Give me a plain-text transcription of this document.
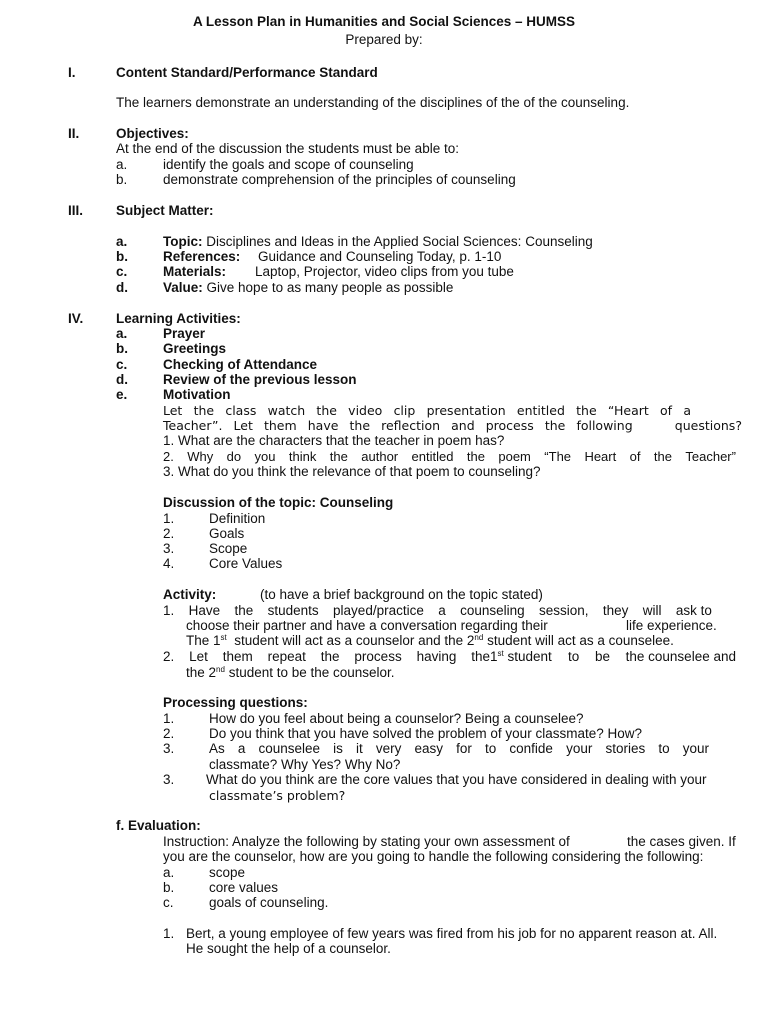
A Lesson Plan in Humanities and Social Sciences – HUMSS
Prepared by:
I.	Content Standard/Performance Standard
The learners demonstrate an understanding of the disciplines of the of the counseling.
II.	Objectives:
At the end of the discussion the students must be able to:
a.	identify the goals and scope of counseling
b.	demonstrate comprehension of the principles of counseling
III. Subject Matter:
a.	Topic: Disciplines and Ideas in the Applied Social Sciences: Counseling
b.	References: Guidance and Counseling Today, p. 1-10
c.	Materials: Laptop, Projector, video clips from you tube
d.	Value: Give hope to as many people as possible
IV. Learning Activities:
a.	Prayer
b.	Greetings
c.	Checking of Attendance
d.	Review of the previous lesson
e.	Motivation
Let the class watch the video clip presentation entitled the “Heart of a
Teacher”. Let them have the reflection and process the following	questions?
1. What are the characters that the teacher in poem has?
2. Why do you think the author entitled the poem “The Heart of the Teacher”
3. What do you think the relevance of that poem to counseling?
Discussion of the topic: Counseling
1.	Definition
2.	Goals
3.	Scope
4.	Core Values
Activity:	(to have a brief background on the topic stated)
1. Have the students played/practice a counseling session, they will ask to
choose their partner and have a conversation regarding their	life experience.
The 1st  student will act as a counselor and the 2nd student will act as a counselee.
2. Let them repeat the process having the 1st student to be the counselee and
the 2nd student to be the counselor.
Processing questions:
1.	How do you feel about being a counselor? Being a counselee?
2.	Do you think that you have solved the problem of your classmate? How?
3.	As a counselee is it very easy for to confide your stories to your
classmate? Why Yes? Why No?
3. What do you think are the core values that you have considered in dealing with your
classmate’s problem?
f. Evaluation:
Instruction: Analyze the following by stating your own assessment of	the cases given. If
you are the counselor, how are you going to handle the following considering the following:
a.	scope
b.	core values
c.	goals of counseling.
1. Bert, a young employee of few years was fired from his job for no apparent reason at. All.
He sought the help of a counselor.
